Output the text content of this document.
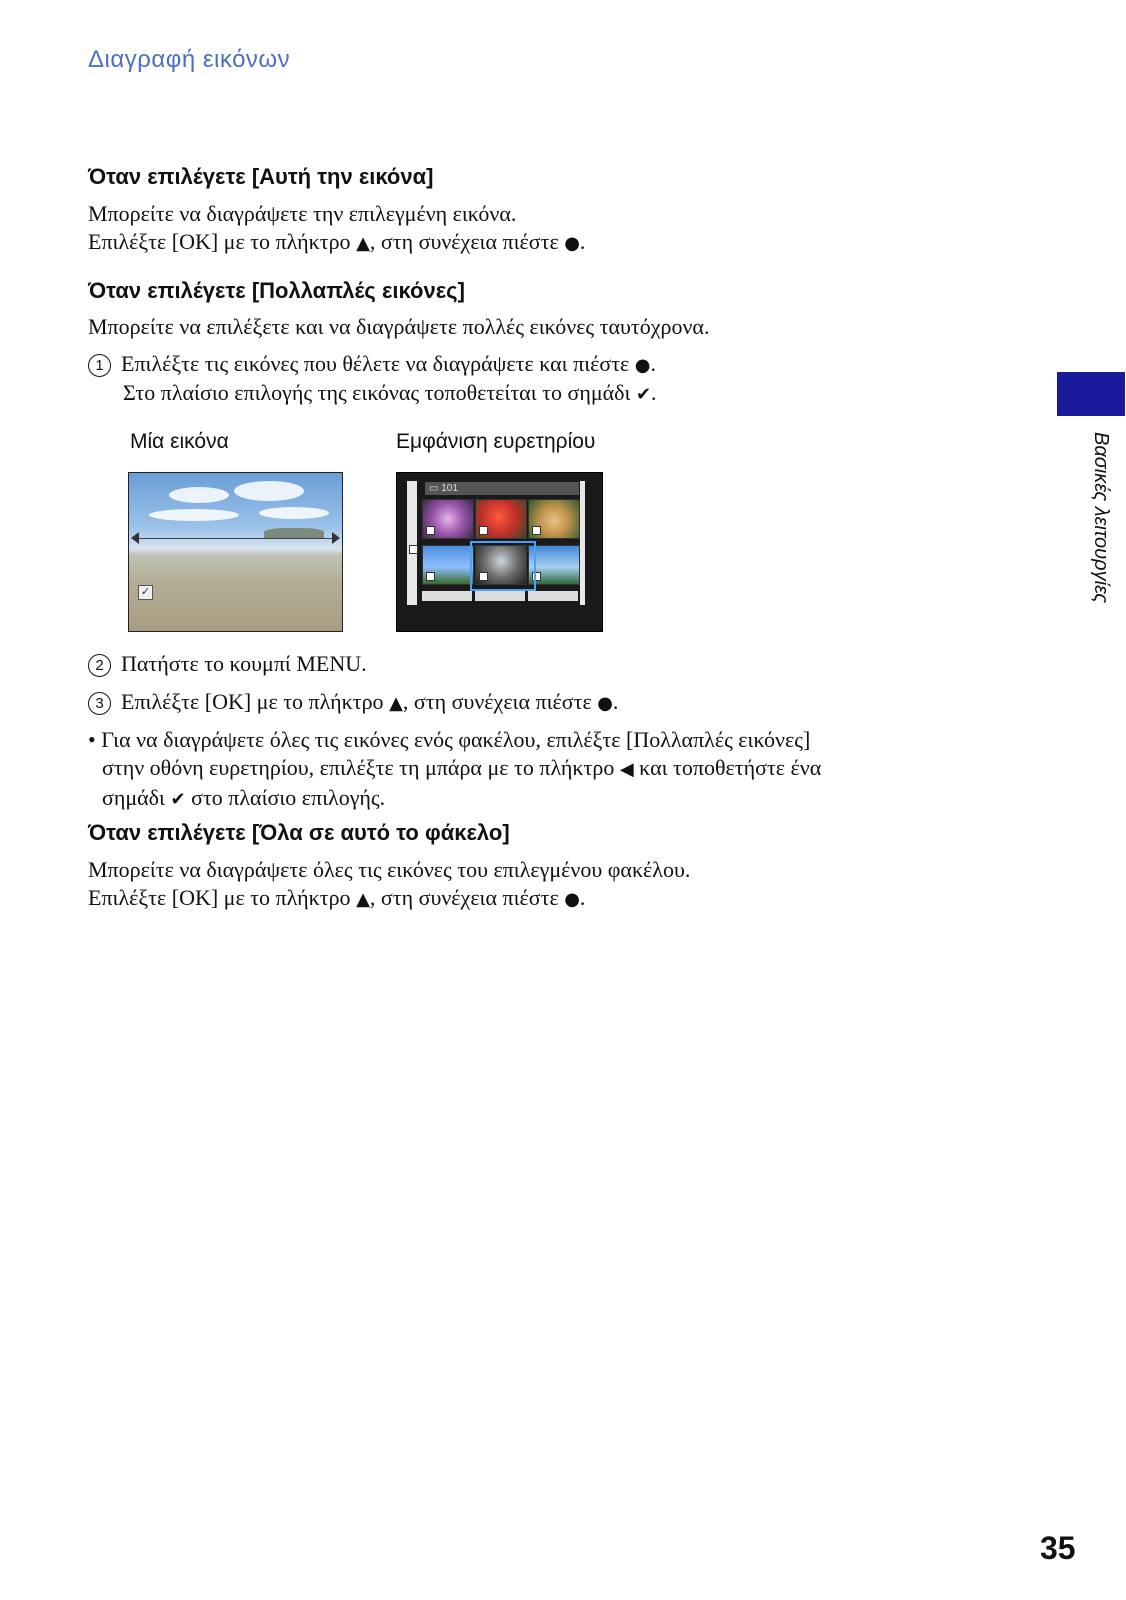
Διαγραφή εικόνων
Όταν επιλέγετε [Αυτή την εικόνα]
Μπορείτε να διαγράψετε την επιλεγμένη εικόνα.
Επιλέξτε [OK] με το πλήκτρο ▲, στη συνέχεια πιέστε ●.
Όταν επιλέγετε [Πολλαπλές εικόνες]
Μπορείτε να επιλέξετε και να διαγράψετε πολλές εικόνες ταυτόχρονα.
1 Επιλέξτε τις εικόνες που θέλετε να διαγράψετε και πιέστε ●.
Στο πλαίσιο επιλογής της εικόνας τοποθετείται το σημάδι ✔.
Μία εικόνα	Εμφάνιση ευρετηρίου
✓
▭ 101
2 Πατήστε το κουμπί MENU.
3 Επιλέξτε [OK] με το πλήκτρο ▲, στη συνέχεια πιέστε ●.
• Για να διαγράψετε όλες τις εικόνες ενός φακέλου, επιλέξτε [Πολλαπλές εικόνες]
στην οθόνη ευρετηρίου, επιλέξτε τη μπάρα με το πλήκτρο ◀ και τοποθετήστε ένα
σημάδι ✔ στο πλαίσιο επιλογής.
Όταν επιλέγετε [Όλα σε αυτό το φάκελο]
Μπορείτε να διαγράψετε όλες τις εικόνες του επιλεγμένου φακέλου.
Επιλέξτε [OK] με το πλήκτρο ▲, στη συνέχεια πιέστε ●.
Βασικές λειτουργίες
35
